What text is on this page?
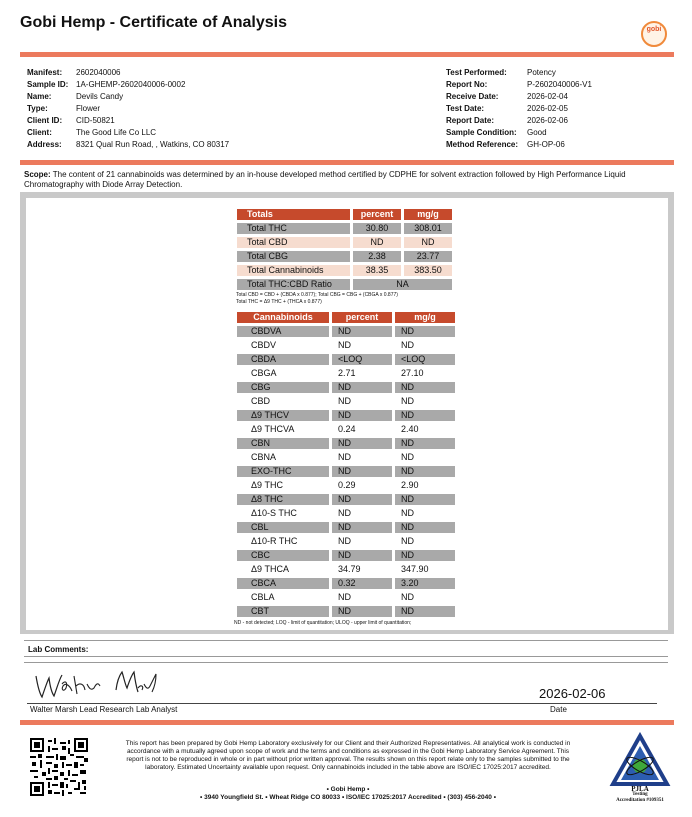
Gobi Hemp - Certificate of Analysis	gobi
Manifest:	2602040006
Sample ID: 1A-GHEMP-2602040006-0002
Name:	Devils Candy
Type:	Flower
Client ID:	CID-50821
Client:	The Good Life Co LLC
Address:	8321 Qual Run Road, , Watkins, CO 80317
Test Performed:	Potency
Report No:	P-2602040006-V1
Receive Date:	2026-02-04
Test Date:	2026-02-05
Report Date:	2026-02-06
Sample Condition:	Good
Method Reference:	GH-OP-06
Scope: The content of 21 cannabinoids was determined by an in-house developed method certified by CDPHE for solvent extraction followed by High Performance Liquid Chromatography with Diode Array Detection.
Totals	percent	mg/g
Total THC	30.80	308.01
Total CBD	ND	ND
Total CBG	2.38	23.77
Total Cannabinoids	38.35	383.50
Total THC:CBD Ratio	NA	
Total CBD = CBD + (CBDA x 0.877); Total CBG = CBG + (CBGA x 0.877)
Total THC = Δ9 THC + (THCA x 0.877)
Cannabinoids	percent	mg/g
CBDVA	ND	ND
CBDV	ND	ND
CBDA	<LOQ	<LOQ
CBGA	2.71	27.10
CBG	ND	ND
CBD	ND	ND
Δ9 THCV	ND	ND
Δ9 THCVA	0.24	2.40
CBN	ND	ND
CBNA	ND	ND
EXO-THC	ND	ND
Δ9 THC	0.29	2.90
Δ8 THC	ND	ND
Δ10-S THC	ND	ND
CBL	ND	ND
Δ10-R THC	ND	ND
CBC	ND	ND
Δ9 THCA	34.79	347.90
CBCA	0.32	3.20
CBLA	ND	ND
CBT	ND	ND
ND - not detected; LOQ - limit of quantitation; ULOQ - upper limit of quantitation;
Lab Comments:
2026-02-06
Walter Marsh Lead Research Lab Analyst	Date
This report has been prepared by Gobi Hemp Laboratory exclusively for our Client and their Authorized Representatives. All analytical work is conducted in accordance with a mutually agreed upon scope of work and the terms and conditions as expressed in the Gobi Hemp Laboratory Service Agreement. This report is not to be reproduced in whole or in part without prior written approval. The results shown on this report relate only to the samples submitted to the laboratory. Estimated Uncertainty available upon request. Only cannabinoids included in the table above are ISO/IEC 17025:2017 accredited.
• Gobi Hemp •
• 3940 Youngfield St. • Wheat Ridge CO 80033 • ISO/IEC 17025:2017 Accredited • (303) 456-2040 •
PJLA
Testing
Accreditation #109351
